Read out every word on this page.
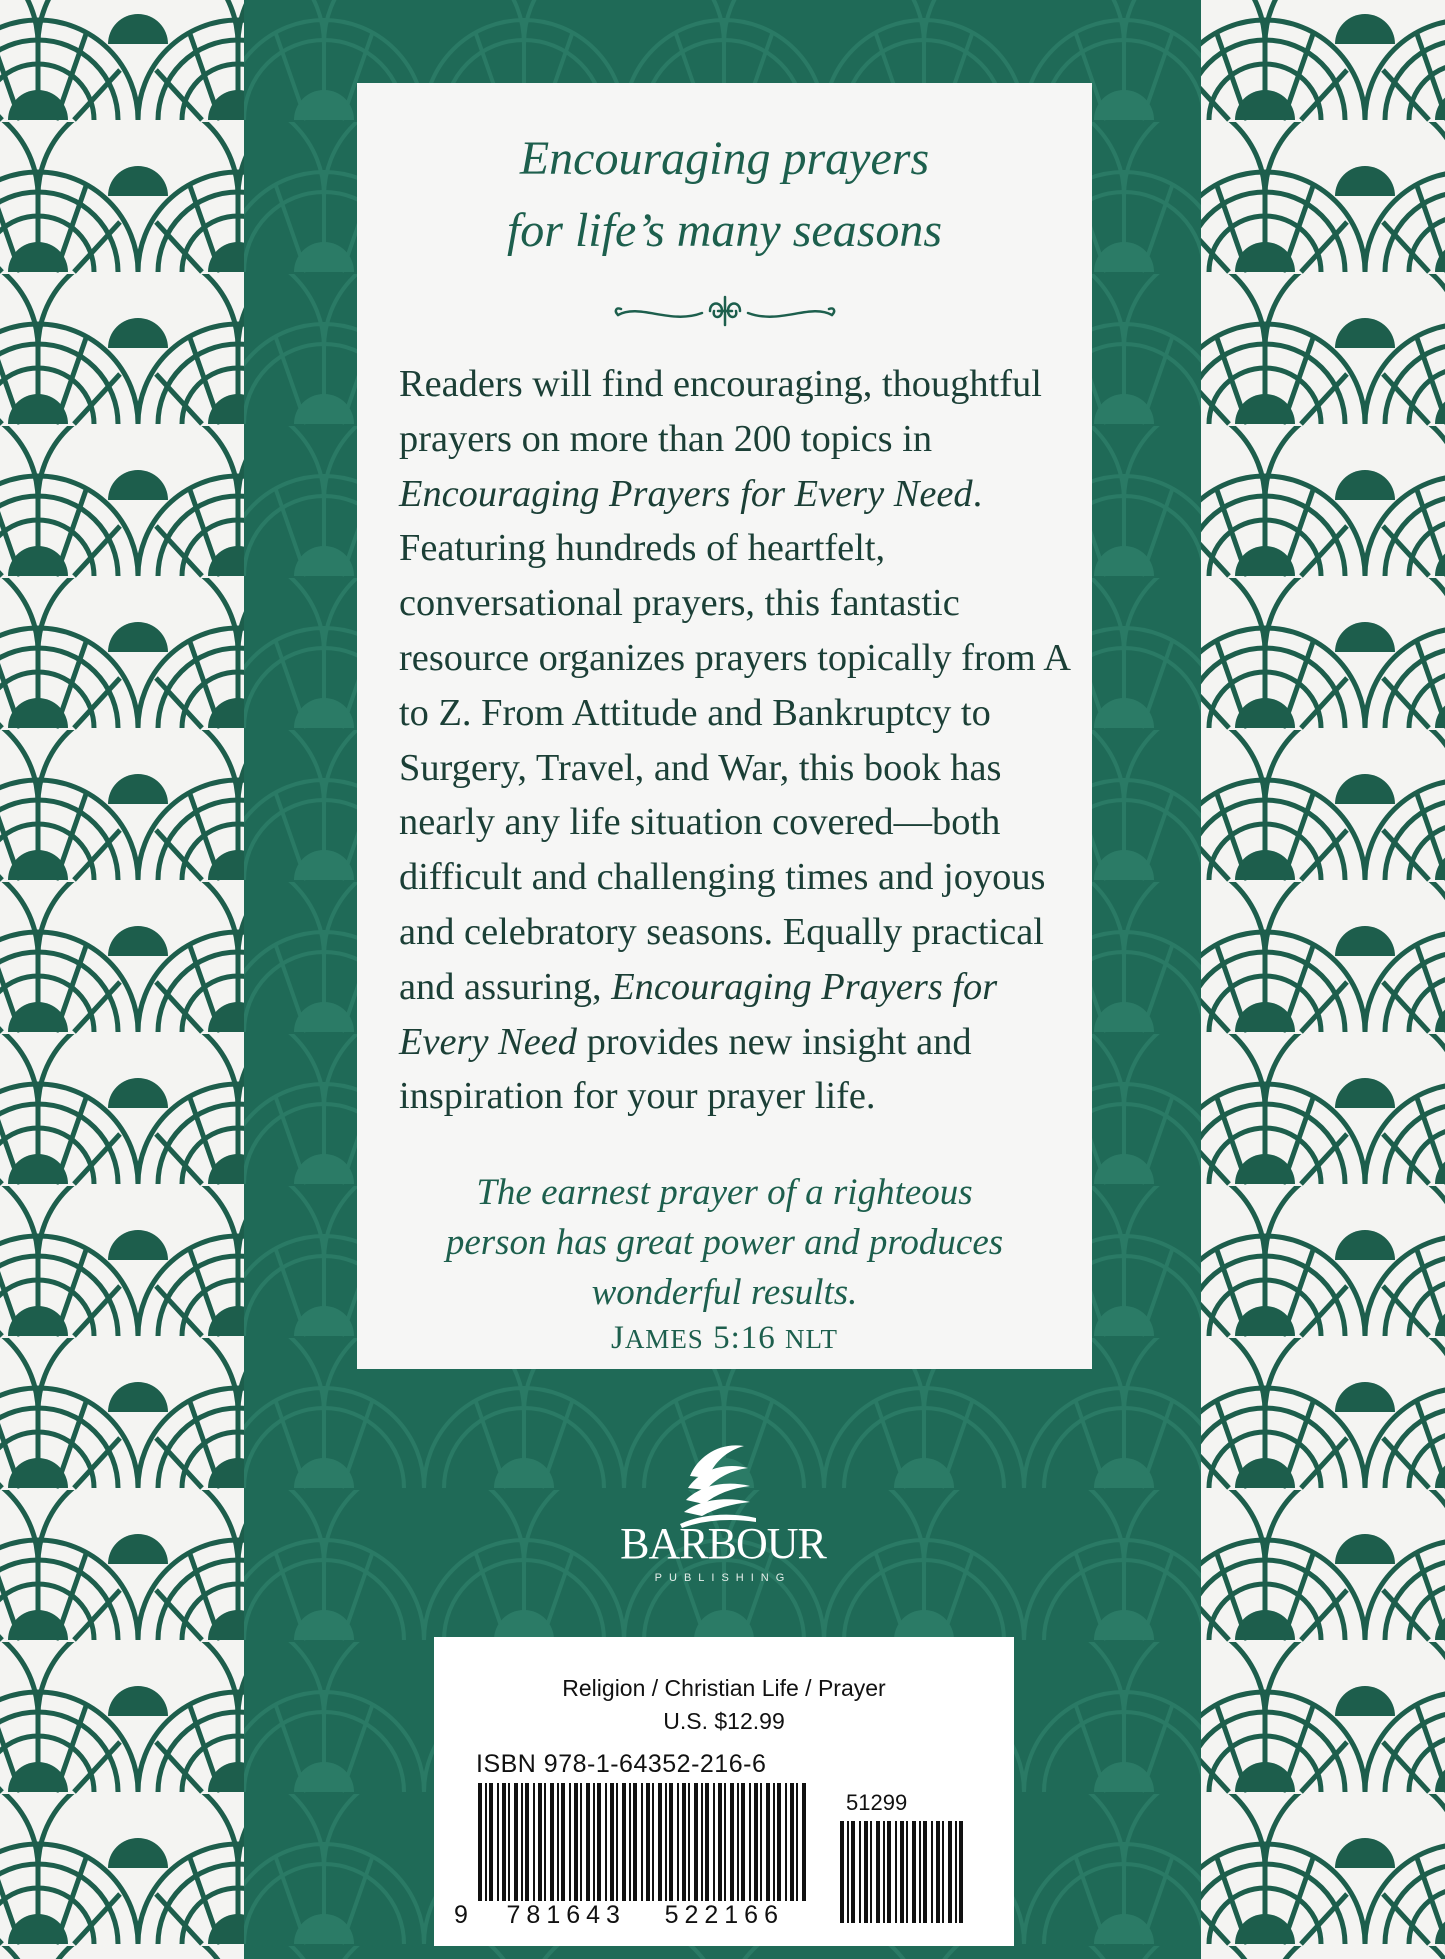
Encouraging prayers
for life’s many seasons

Readers will find encouraging, thoughtful prayers on more than 200 topics in Encouraging Prayers for Every Need. Featuring hundreds of heartfelt, conversational prayers, this fantastic resource organizes prayers topically from A to Z. From Attitude and Bankruptcy to Surgery, Travel, and War, this book has nearly any life situation covered—both difficult and challenging times and joyous and celebratory seasons. Equally practical and assuring, Encouraging Prayers for Every Need provides new insight and inspiration for your prayer life.

The earnest prayer of a righteous
person has great power and produces
wonderful results.

JAMES 5:16 NLT

BARBOUR
PUBLISHING
Religion / Christian Life / Prayer
U.S. $12.99
ISBN 978-1-64352-216-6
9 781643 522166
51299
